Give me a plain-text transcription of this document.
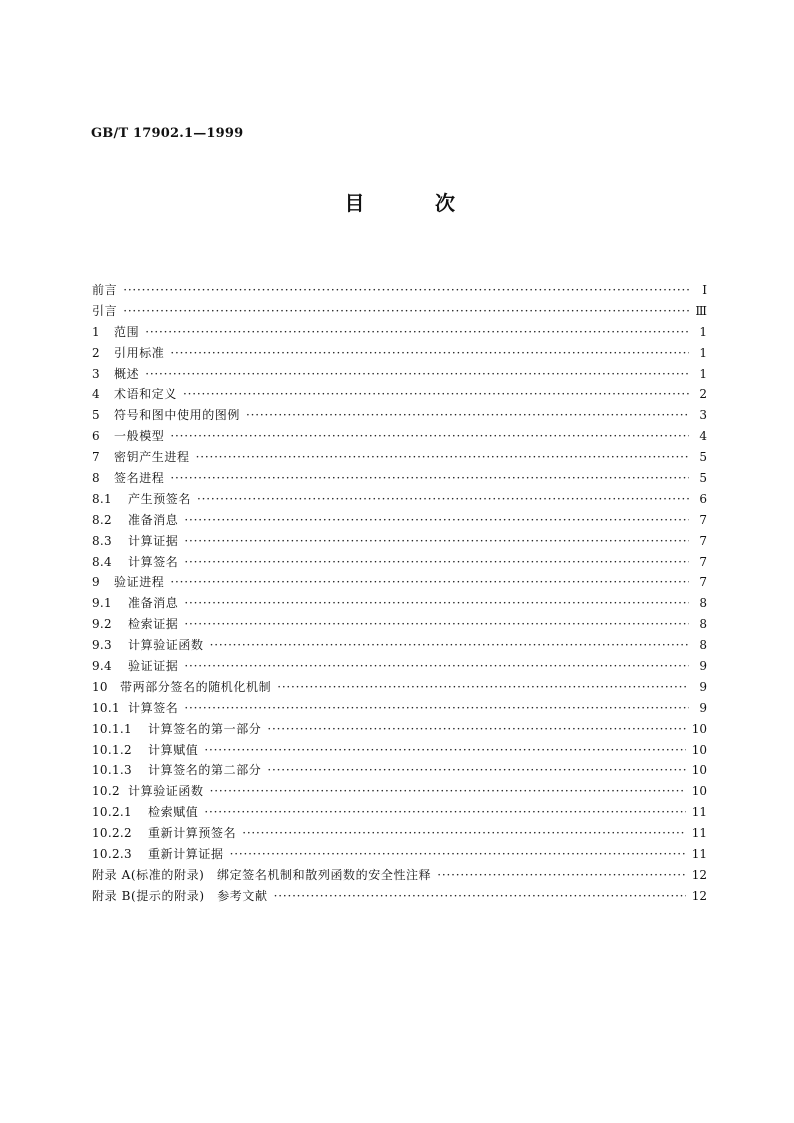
GB/T 17902.1—1999
目	次
前言 ·····	Ⅰ
引言 ·····	Ⅲ
1	范围 ·····	1
2	引用标准 ·····	1
3	概述 ·····	1
4	术语和定义 ·····	2
5	符号和图中使用的图例 ·····	3
6	一般模型 ·····	4
7	密钥产生进程 ·····	5
8	签名进程 ·····	5
8.1	产生预签名 ·····	6
8.2	准备消息 ·····	7
8.3	计算证据 ·····	7
8.4	计算签名 ·····	7
9	验证进程 ·····	7
9.1	准备消息 ·····	8
9.2	检索证据 ·····	8
9.3	计算验证函数 ·····	8
9.4	验证证据 ·····	9
10	带两部分签名的随机化机制 ·····	9
10.1 计算签名 ·····	9
10.1.1	计算签名的第一部分 ·····	10
10.1.2	计算赋值 ·····	10
10.1.3	计算签名的第二部分 ·····	10
10.2 计算验证函数 ·····	10
10.2.1	检索赋值 ·····	11
10.2.2	重新计算预签名 ·····	11
10.2.3	重新计算证据 ·····	11
附录 A(标准的附录)　绑定签名机制和散列函数的安全性注释 ·····	12
附录 B(提示的附录)　参考文献 ·····	12
